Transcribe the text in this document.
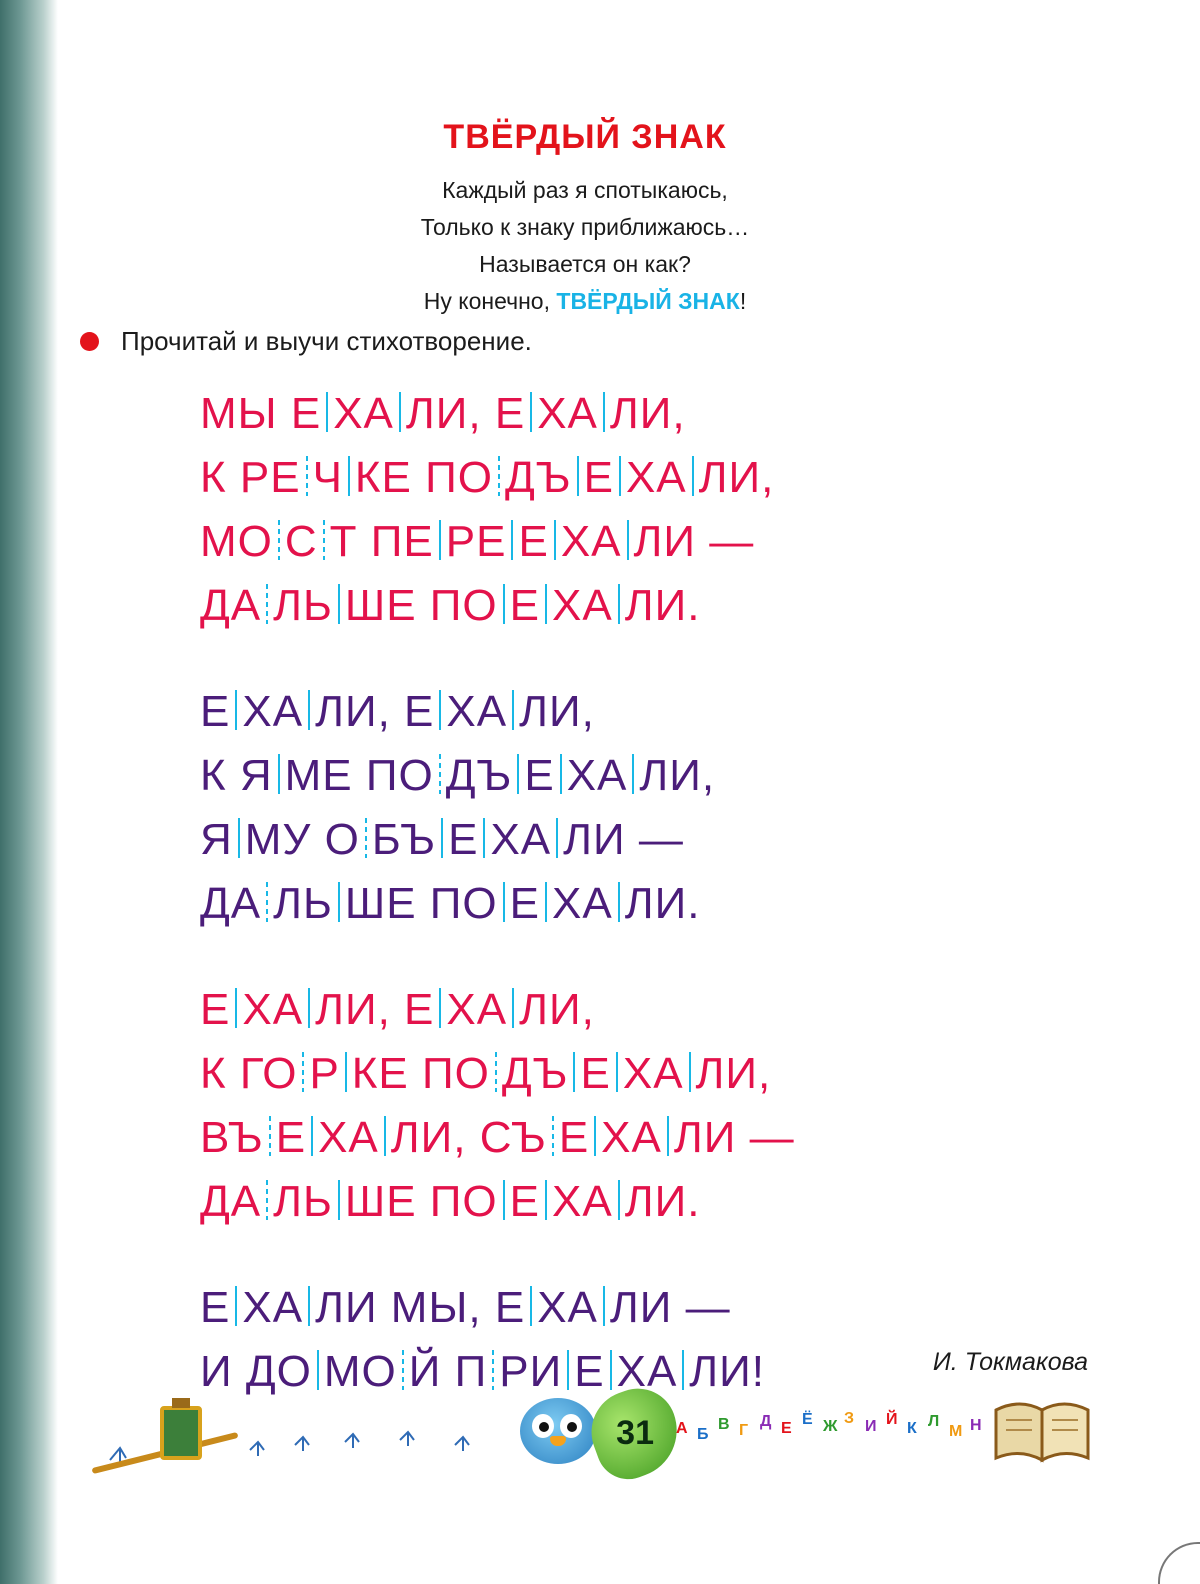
ТВЁРДЫЙ ЗНАК
Каждый раз я спотыкаюсь,
Только к знаку приближаюсь…
Называется он как?
Ну конечно, ТВЁРДЫЙ ЗНАК!
Прочитай и выучи стихотворение.
МЫ Е ХА ЛИ, Е ХА ЛИ,
К РЕ Ч КЕ ПО ДЪ Е ХА ЛИ,
МО С Т ПЕ РЕ Е ХА ЛИ —
ДА ЛЬ ШЕ ПО Е ХА ЛИ.
Е ХА ЛИ, Е ХА ЛИ,
К Я МЕ ПО ДЪ Е ХА ЛИ,
Я МУ О БЪ Е ХА ЛИ —
ДА ЛЬ ШЕ ПО Е ХА ЛИ.
Е ХА ЛИ, Е ХА ЛИ,
К ГО Р КЕ ПО ДЪ Е ХА ЛИ,
ВЪ Е ХА ЛИ, СЪ Е ХА ЛИ —
ДА ЛЬ ШЕ ПО Е ХА ЛИ.
Е ХА ЛИ МЫ, Е ХА ЛИ —
И ДО МО Й П РИ Е ХА ЛИ!	И. Токмакова
31 А Б
В Г
Д Е
Ё Ж З И Й
К Л
М Н
